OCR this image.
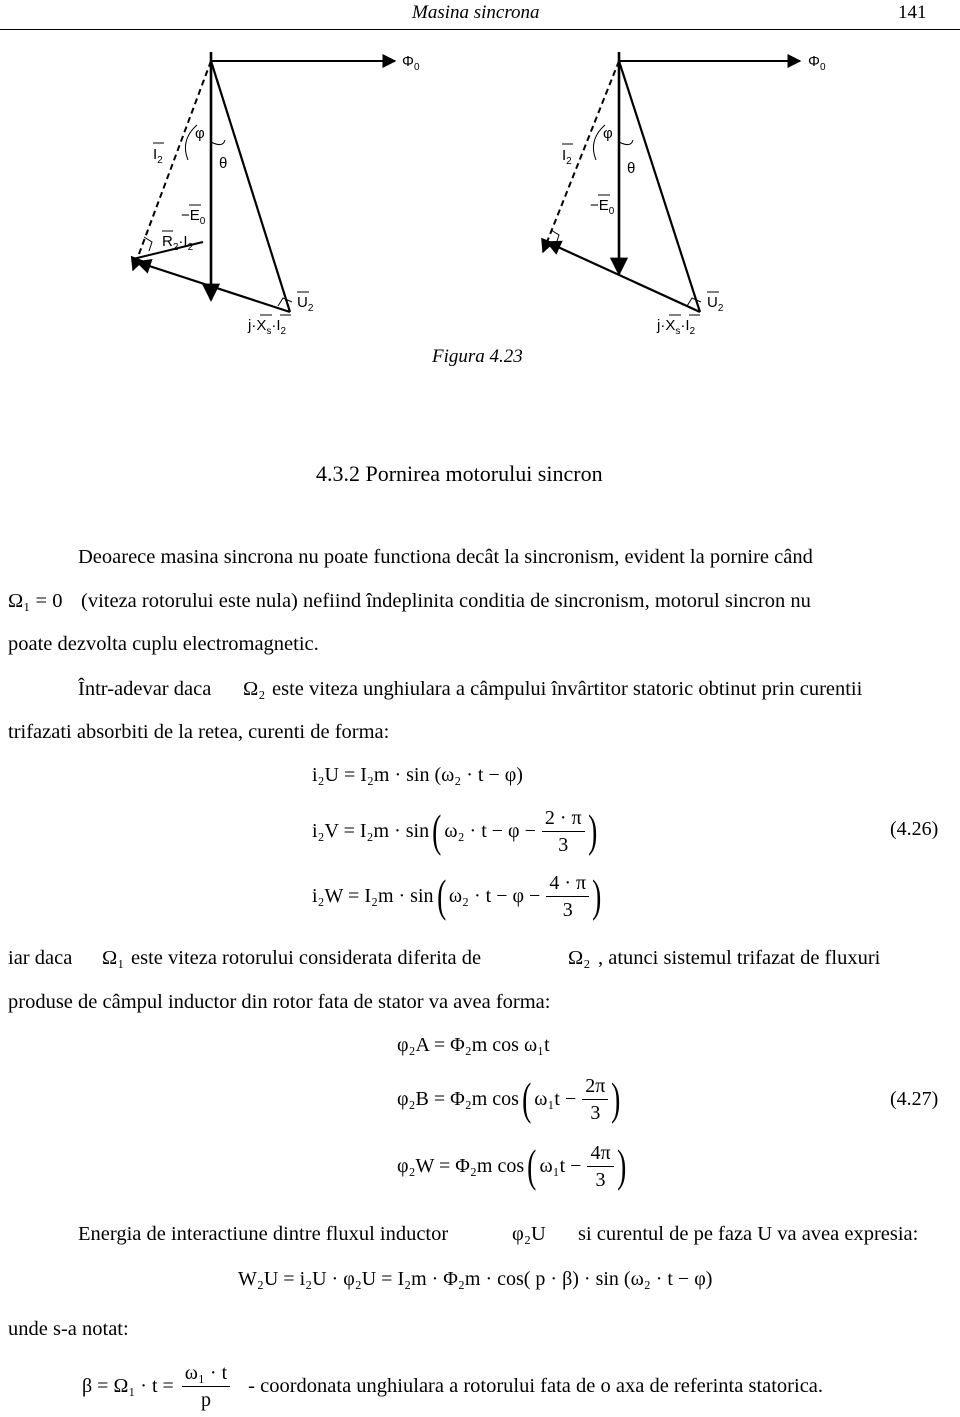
Masina sincrona	141
$\Phi_0$
φ
θ
$I_2$
$-E_0$
$R_2\cdot I_2$
$U_2$
$j\cdot X_s\cdot I_2$
$\Phi_0$
φ
θ
$I_2$
$-E_0$
$U_2$
$j\cdot X_s\cdot I_2$
Figura 4.23
4.3.2 Pornirea motorului sincron
Deoarece masina sincrona nu poate functiona decât la sincronism, evident la pornire când
Ω₁ = 0 (viteza rotorului este nula) nefiind îndeplinita conditia de sincronism, motorul sincron nu
poate dezvolta cuplu electromagnetic.
Într-adevar daca Ω₂ este viteza unghiulara a câmpului învârtitor statoric obtinut prin curentii
trifazati absorbiti de la retea, curenti de forma:
i₂U = I₂m · sin (ω₂ · t − φ)
i₂V = I₂m · sin ( $\omega_2 \cdot t - \varphi - \frac{2 \cdot \pi}{3}$ )	(4.26)
i₂W = I₂m · sin ( $\omega_2 \cdot t - \varphi - \frac{4 \cdot \pi}{3}$ )
iar daca Ω₁ este viteza rotorului considerata diferita de	Ω₂ , atunci sistemul trifazat de fluxuri
produse de câmpul inductor din rotor fata de stator va avea forma:
φ₂A = Φ₂m cos ω₁t
φ₂B = Φ₂m cos ( $\omega_1t - \frac{2\pi}{3}$ )	(4.27)
φ₂W = Φ₂m cos ( $\omega_1t - \frac{4\pi}{3}$ )
Energia de interactiune dintre fluxul inductor	φ₂U si curentul de pe faza U va avea expresia:
W₂U = i₂U · φ₂U = I₂m · Φ₂m · cos( p · β) · sin (ω₂ · t − φ)
unde s-a notat:
$\beta = \Omega_1 \cdot t = \frac{\text{ω₁ · t}}{p}$ - coordonata unghiulara a rotorului fata de o axa de referinta statorica.
